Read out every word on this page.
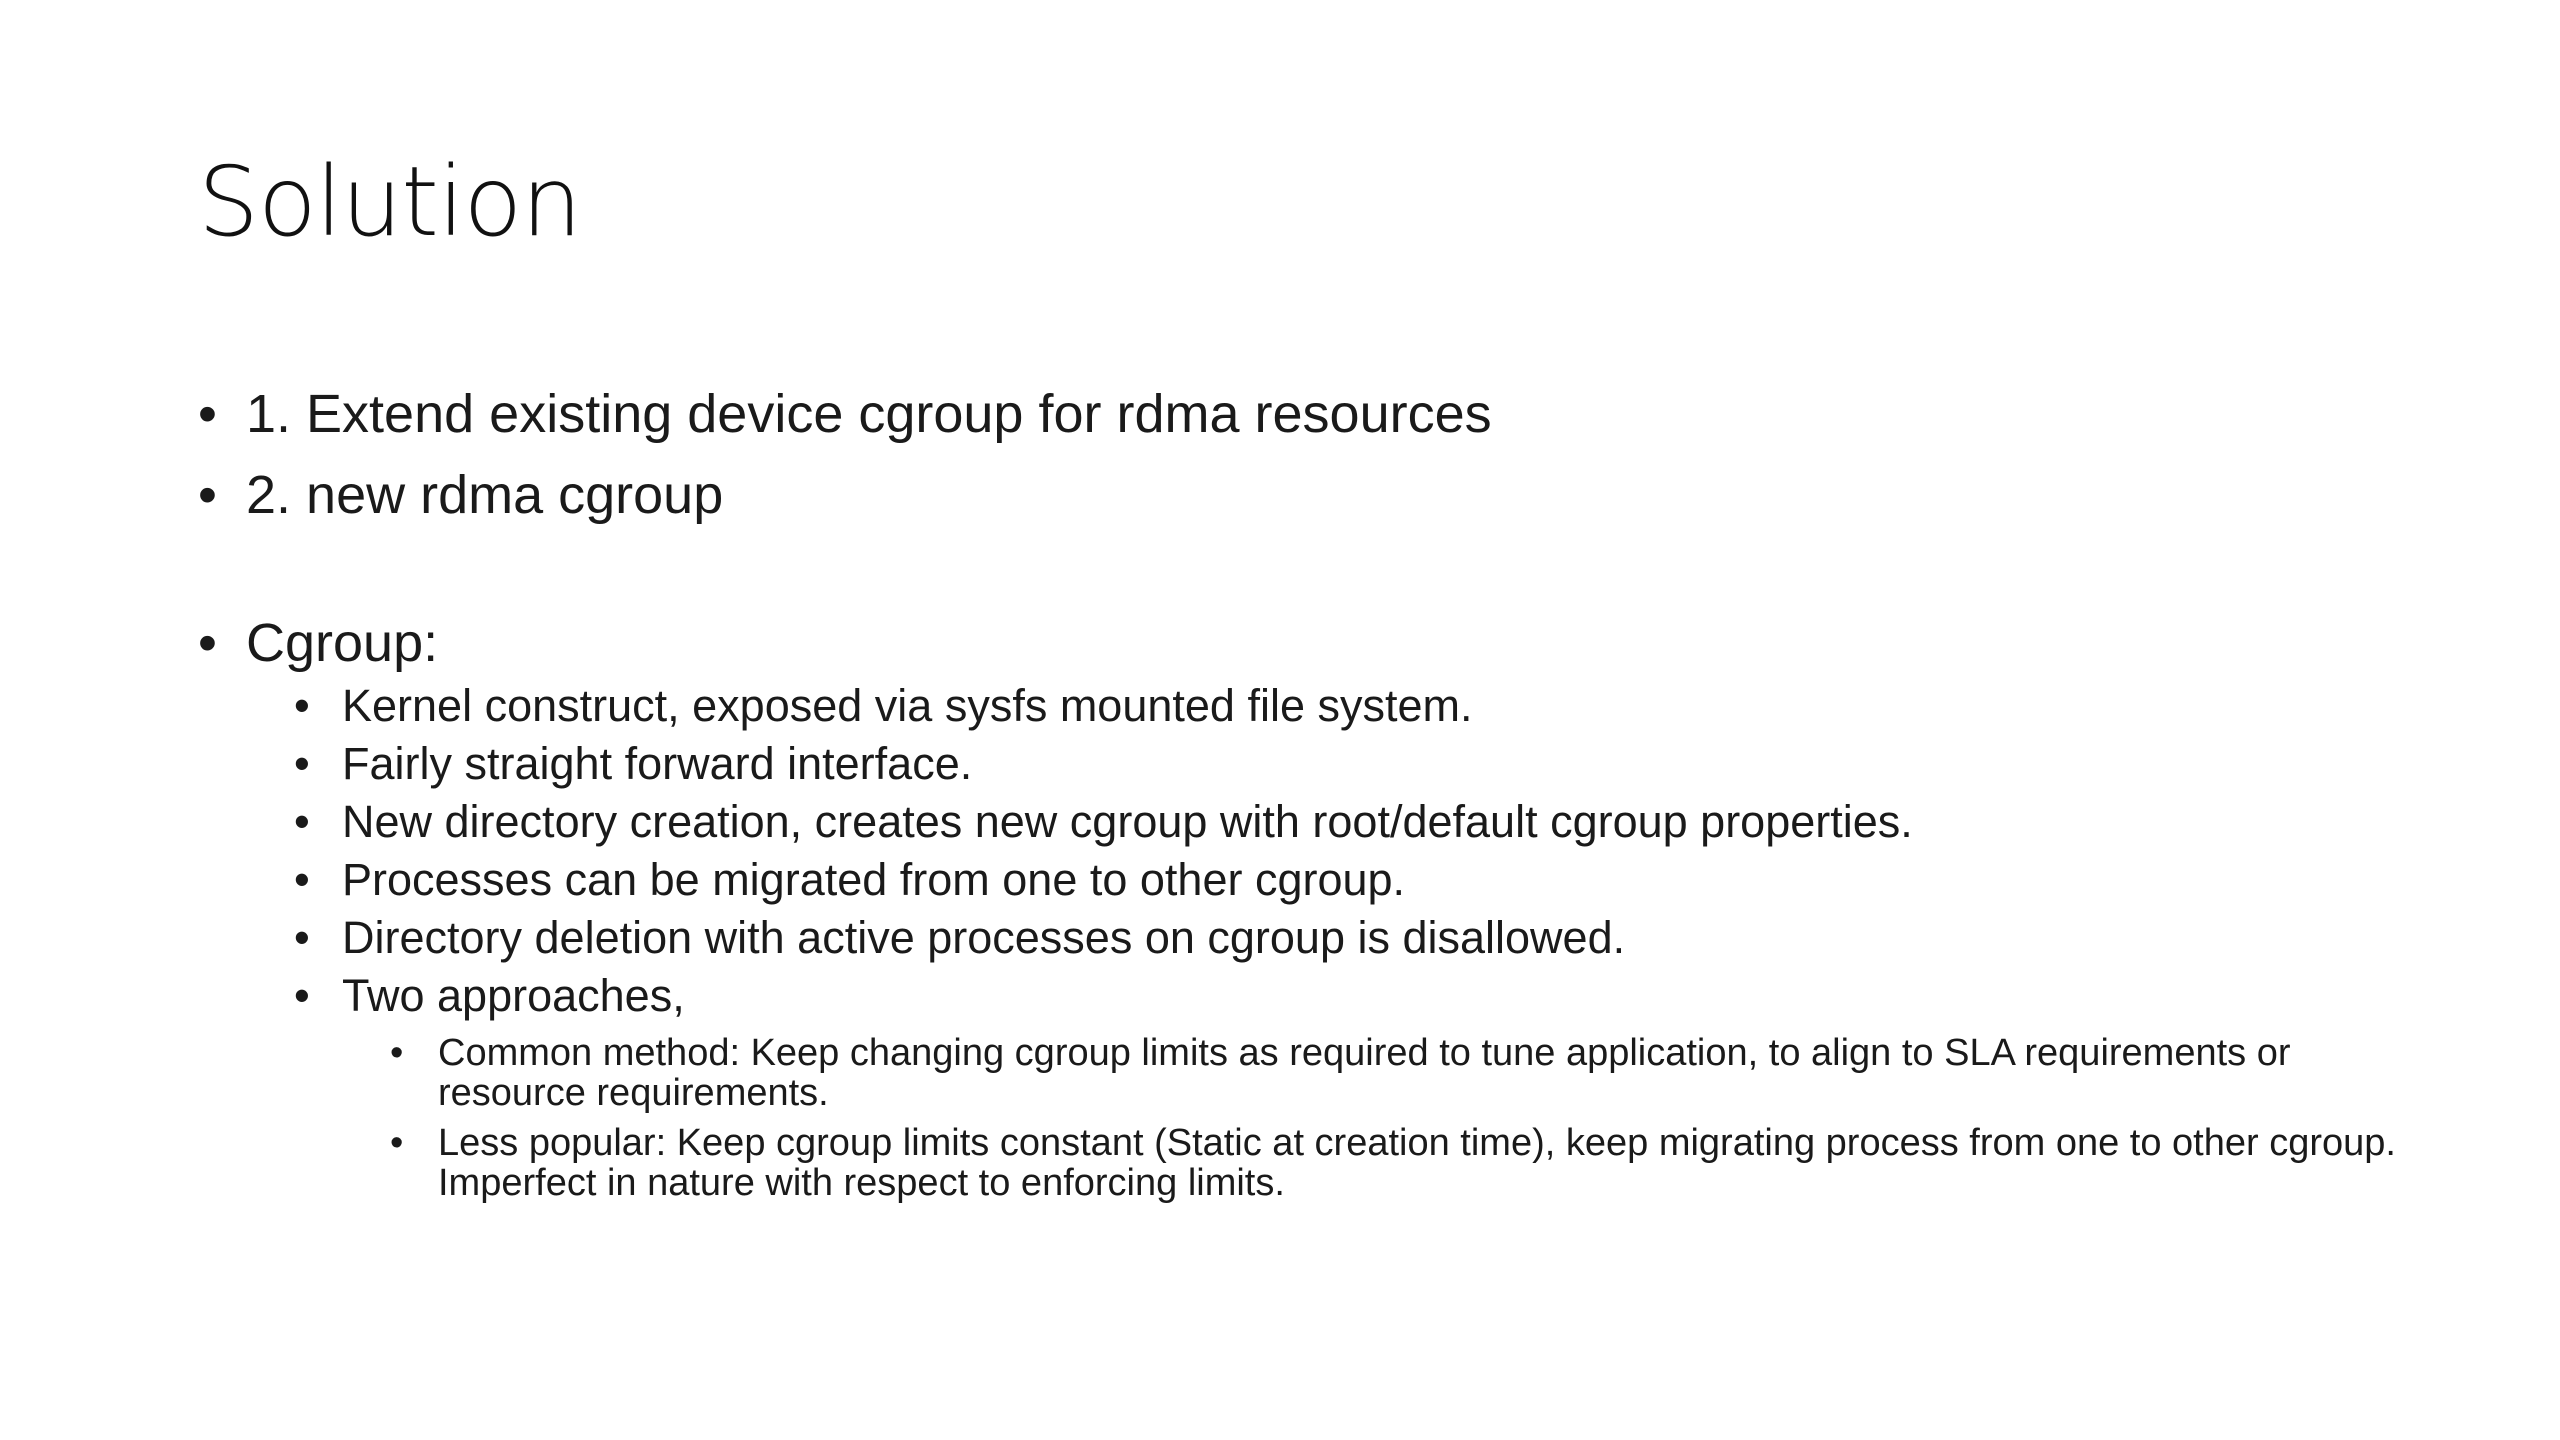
Solution
• 1. Extend existing device cgroup for rdma resources
• 2. new rdma cgroup
• Cgroup:
• Kernel construct, exposed via sysfs mounted file system.
• Fairly straight forward interface.
• New directory creation, creates new cgroup with root/default cgroup properties.
• Processes can be migrated from one to other cgroup.
• Directory deletion with active processes on cgroup is disallowed.
• Two approaches,
• Common method: Keep changing cgroup limits as required to tune application, to align to SLA requirements or resource requirements.
• Less popular: Keep cgroup limits constant (Static at creation time), keep migrating process from one to other cgroup. Imperfect in nature with respect to enforcing limits.
